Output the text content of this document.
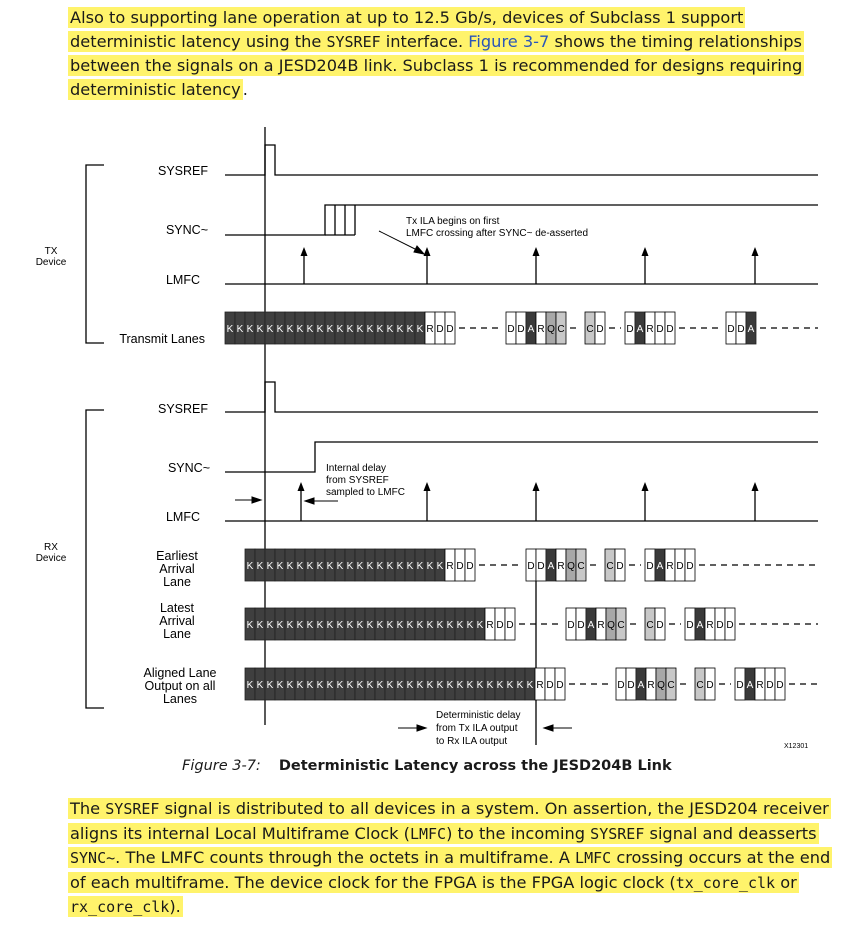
Also to supporting lane operation at up to 12.5 Gb/s, devices of Subclass 1 support deterministic latency using the SYSREF interface. Figure 3-7 shows the timing relationships between the signals on a JESD204B link. Subclass 1 is recommended for designs requiring deterministic latency .
TX Device
RX Device
SYSREF
SYNC~
LMFC
Transmit Lanes
SYSREF
SYNC~
LMFC
Earliest Arrival Lane
Latest Arrival Lane
Aligned Lane Output on all Lanes
K K K K K K K K K K K K K K K K K K K K R D D	D D A R Q C C D D A R D D	D D A
K K K K K K K K K K K K K K K K K K K K R D D	D D A R Q C C D D A R D D
K K K K K K K K K K K K K K K K K K K K K K K K R D D	D D A R Q C C D D A R D D
K K K K K K K K K K K K K K K K K K K K K K K K K K K K K R D D	D D A R Q C C D D A R D D
Tx ILA begins on first LMFC crossing after SYNC~ de-asserted
Internal delay from SYSREF sampled to LMFC
Deterministic delay from Tx ILA output to Rx ILA output	X12301
Figure 3-7: Deterministic Latency across the JESD204B Link
The SYSREF signal is distributed to all devices in a system. On assertion, the JESD204 receiver aligns its internal Local Multiframe Clock (LMFC) to the incoming SYSREF signal and deasserts SYNC~. The LMFC counts through the octets in a multiframe. A LMFC crossing occurs at the end of each multiframe. The device clock for the FPGA is the FPGA logic clock (tx_core_clk or rx_core_clk).
